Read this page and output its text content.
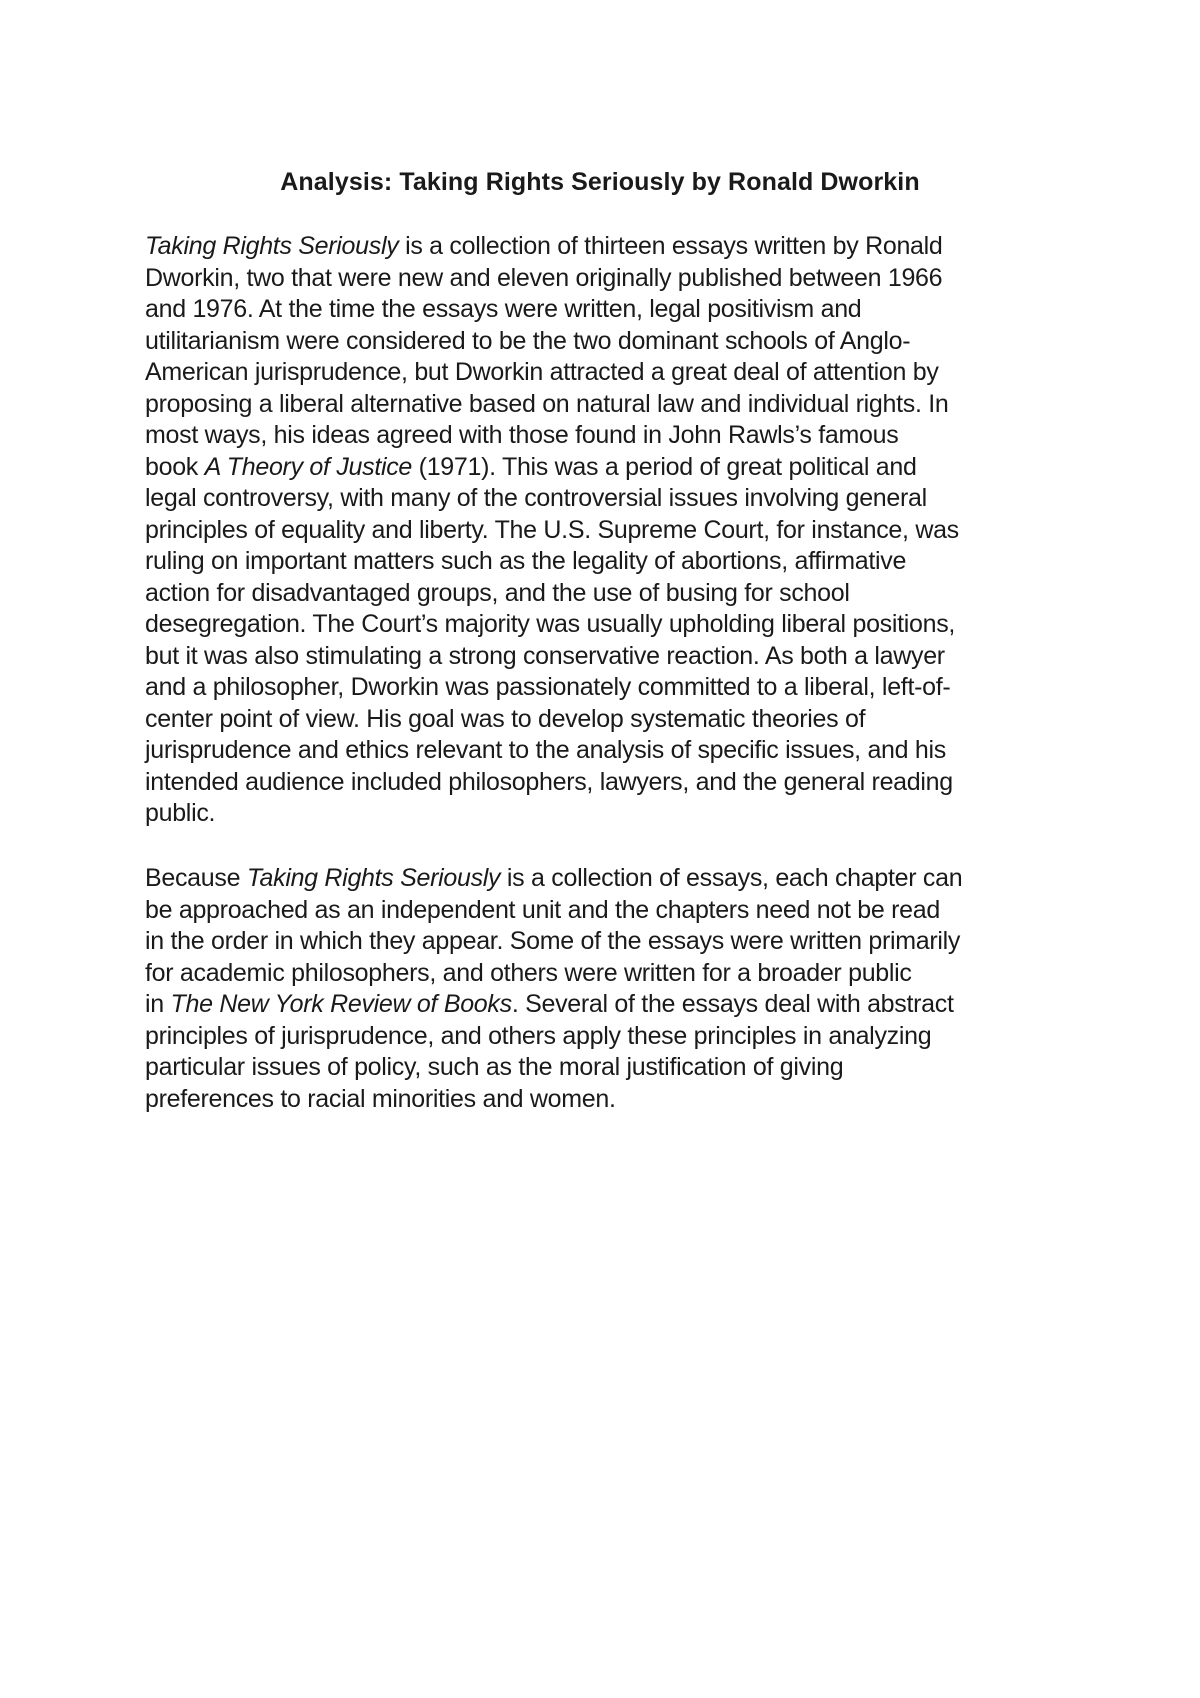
Analysis: Taking Rights Seriously by Ronald Dworkin

Taking Rights Seriously is a collection of thirteen essays written by Ronald
Dworkin, two that were new and eleven originally published between 1966
and 1976. At the time the essays were written, legal positivism and
utilitarianism were considered to be the two dominant schools of Anglo-
American jurisprudence, but Dworkin attracted a great deal of attention by
proposing a liberal alternative based on natural law and individual rights. In
most ways, his ideas agreed with those found in John Rawls’s famous
book A Theory of Justice (1971). This was a period of great political and
legal controversy, with many of the controversial issues involving general
principles of equality and liberty. The U.S. Supreme Court, for instance, was
ruling on important matters such as the legality of abortions, affirmative
action for disadvantaged groups, and the use of busing for school
desegregation. The Court’s majority was usually upholding liberal positions,
but it was also stimulating a strong conservative reaction. As both a lawyer
and a philosopher, Dworkin was passionately committed to a liberal, left-of-
center point of view. His goal was to develop systematic theories of
jurisprudence and ethics relevant to the analysis of specific issues, and his
intended audience included philosophers, lawyers, and the general reading
public.

Because Taking Rights Seriously is a collection of essays, each chapter can
be approached as an independent unit and the chapters need not be read
in the order in which they appear. Some of the essays were written primarily
for academic philosophers, and others were written for a broader public
in The New York Review of Books. Several of the essays deal with abstract
principles of jurisprudence, and others apply these principles in analyzing
particular issues of policy, such as the moral justification of giving
preferences to racial minorities and women.
